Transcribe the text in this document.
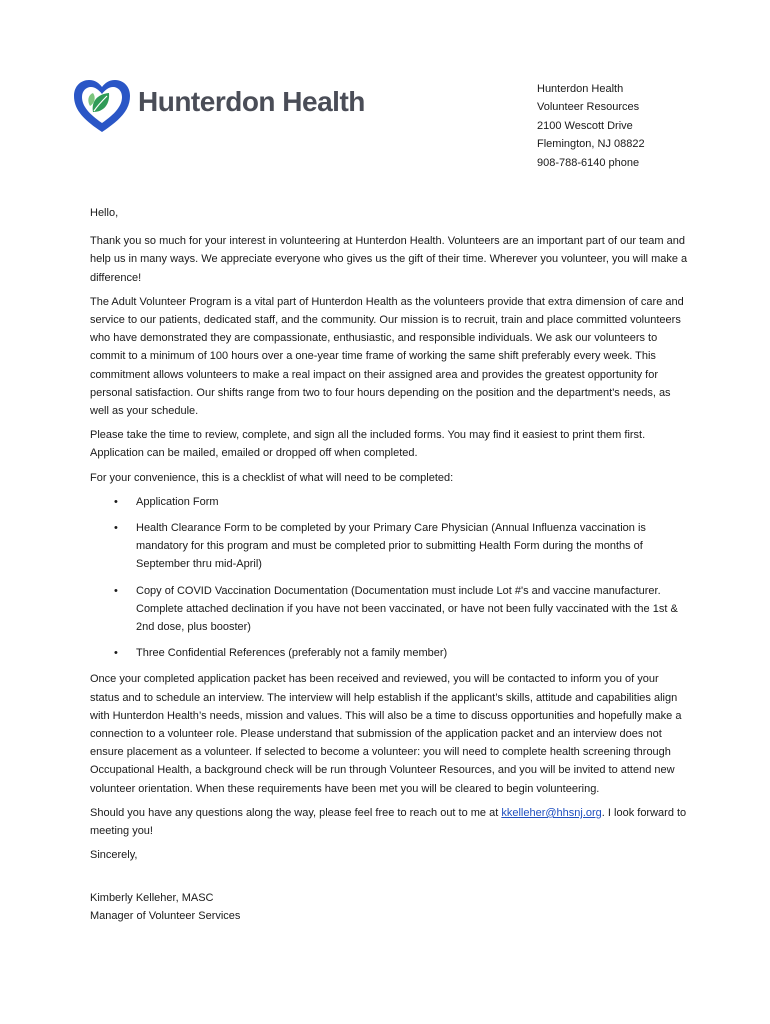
Hunterdon Health	Hunterdon Health
Volunteer Resources
2100 Wescott Drive
Flemington, NJ 08822
908-788-6140 phone

Hello,

Thank you so much for your interest in volunteering at Hunterdon Health. Volunteers are an important part of our team and help us in many ways. We appreciate everyone who gives us the gift of their time. Wherever you volunteer, you will make a difference!

The Adult Volunteer Program is a vital part of Hunterdon Health as the volunteers provide that extra dimension of care and service to our patients, dedicated staff, and the community. Our mission is to recruit, train and place committed volunteers who have demonstrated they are compassionate, enthusiastic, and responsible individuals. We ask our volunteers to commit to a minimum of 100 hours over a one-year time frame of working the same shift preferably every week. This commitment allows volunteers to make a real impact on their assigned area and provides the greatest opportunity for personal satisfaction. Our shifts range from two to four hours depending on the position and the department's needs, as well as your schedule.

Please take the time to review, complete, and sign all the included forms. You may find it easiest to print them first. Application can be mailed, emailed or dropped off when completed.

For your convenience, this is a checklist of what will need to be completed:

• Application Form
• Health Clearance Form to be completed by your Primary Care Physician (Annual Influenza vaccination is mandatory for this program and must be completed prior to submitting Health Form during the months of September thru mid-April)
• Copy of COVID Vaccination Documentation (Documentation must include Lot #'s and vaccine manufacturer. Complete attached declination if you have not been vaccinated, or have not been fully vaccinated with the 1st & 2nd dose, plus booster)
• Three Confidential References (preferably not a family member)

Once your completed application packet has been received and reviewed, you will be contacted to inform you of your status and to schedule an interview. The interview will help establish if the applicant’s skills, attitude and capabilities align with Hunterdon Health’s needs, mission and values. This will also be a time to discuss opportunities and hopefully make a connection to a volunteer role. Please understand that submission of the application packet and an interview does not ensure placement as a volunteer. If selected to become a volunteer: you will need to complete health screening through Occupational Health, a background check will be run through Volunteer Resources, and you will be invited to attend new volunteer orientation. When these requirements have been met you will be cleared to begin volunteering.

Should you have any questions along the way, please feel free to reach out to me at kkelleher@hhsnj.org. I look forward to meeting you!

Sincerely,

Kimberly Kelleher, MASC
Manager of Volunteer Services
